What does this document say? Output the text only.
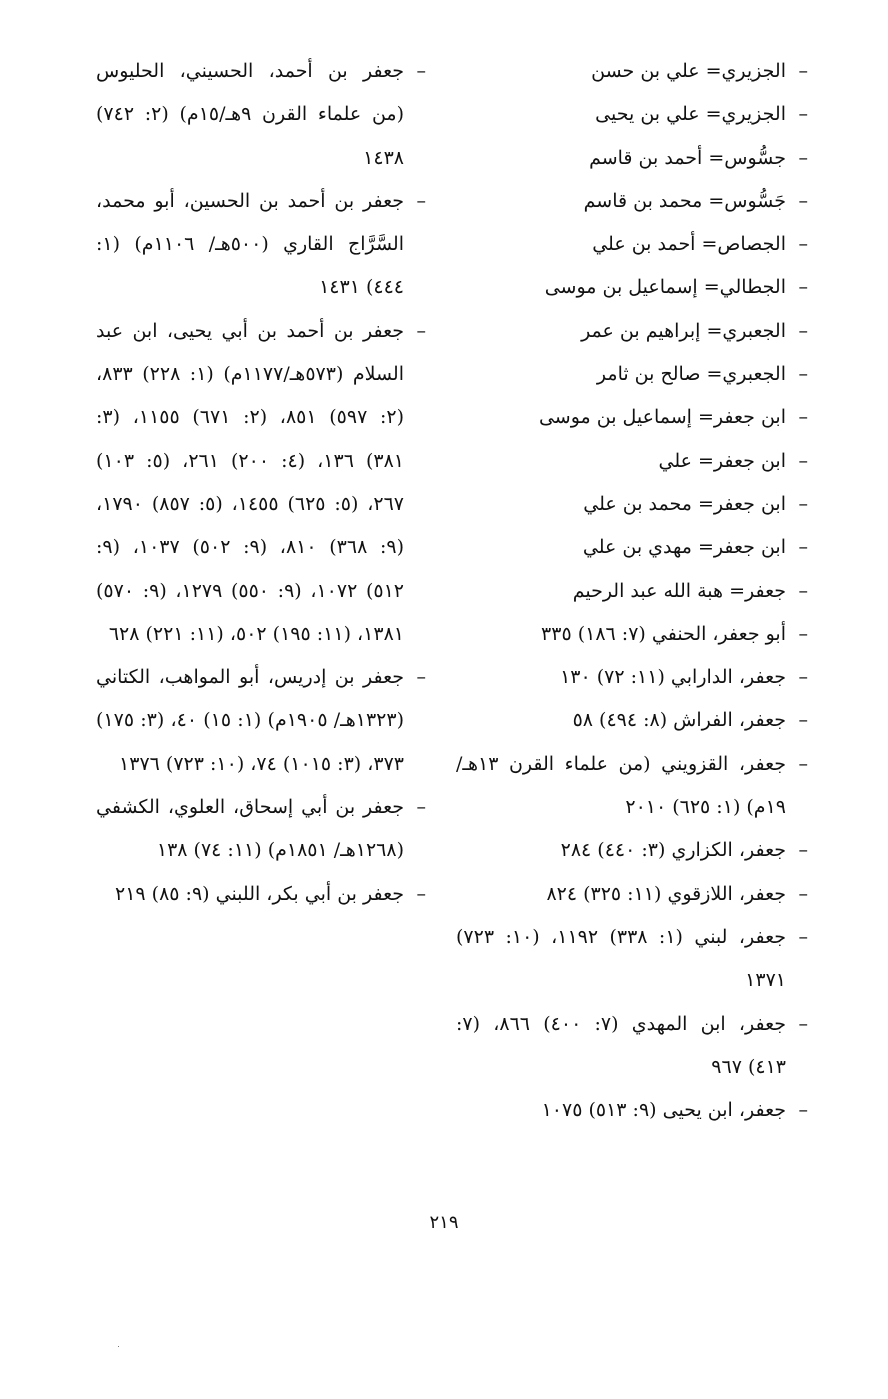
–
الجزيري= علي بن حسن

–
الجزيري= علي بن يحيى

–
جسُّوس= أحمد بن قاسم

–
جَسُّوس= محمد بن قاسم

–
الجصاص= أحمد بن علي

–
الجطالي= إسماعيل بن موسى

–
الجعبري= إبراهيم بن عمر

–
الجعبري= صالح بن ثامر

–
ابن جعفر= إسماعيل بن موسى

–
ابن جعفر= علي

–
ابن جعفر= محمد بن علي

–
ابن جعفر= مهدي بن علي

–
جعفر= هبة الله عبد الرحيم

–
أبو جعفر، الحنفي (٧: ١٨٦) ٣٣٥

–
جعفر، الدارابي (١١: ٧٢) ١٣٠

–
جعفر، الفراش (٨: ٤٩٤) ٥٨

–
جعفر، القزويني (من علماء القرن ١٣هـ/ ١٩م) (١: ٦٢٥) ٢٠١٠

–
جعفر، الكزاري (٣: ٤٤٠) ٢٨٤

–
جعفر، اللازقوي (١١: ٣٢٥) ٨٢٤

–
جعفر، لبني (١: ٣٣٨) ١١٩٢، (١٠: ٧٢٣) ١٣٧١

–
جعفر، ابن المهدي (٧: ٤٠٠) ٨٦٦، (٧: ٤١٣) ٩٦٧

–
جعفر، ابن يحيى (٩: ٥١٣) ١٠٧٥

–
جعفر بن أحمد، الحسيني، الحليوس (من علماء القرن ٩هـ/١٥م) (٢: ٧٤٢) ١٤٣٨

–
جعفر بن أحمد بن الحسين، أبو محمد، السَّرَّاج القاري (٥٠٠هـ/ ١١٠٦م) (١: ٤٤٤) ١٤٣١

–
جعفر بن أحمد بن أبي يحيى، ابن عبد السلام (٥٧٣هـ/١١٧٧م) (١: ٢٢٨) ٨٣٣، (٢: ٥٩٧) ٨٥١، (٢: ٦٧١) ١١٥٥، (٣: ٣٨١) ١٣٦، (٤: ٢٠٠) ٢٦١، (٥: ١٠٣) ٢٦٧، (٥: ٦٢٥) ١٤٥٥، (٥: ٨٥٧) ١٧٩٠، (٩: ٣٦٨) ٨١٠، (٩: ٥٠٢) ١٠٣٧، (٩: ٥١٢) ١٠٧٢، (٩: ٥٥٠) ١٢٧٩، (٩: ٥٧٠) ١٣٨١، (١١: ١٩٥) ٥٠٢، (١١: ٢٢١) ٦٢٨

–
جعفر بن إدريس، أبو المواهب، الكتاني (١٣٢٣هـ/ ١٩٠٥م) (١: ١٥) ٤٠، (٣: ١٧٥) ٣٧٣، (٣: ١٠١٥) ٧٤، (١٠: ٧٢٣) ١٣٧٦

–
جعفر بن أبي إسحاق، العلوي، الكشفي (١٢٦٨هـ/ ١٨٥١م) (١١: ٧٤) ١٣٨

–
جعفر بن أبي بكر، اللبني (٩: ٨٥) ٢١٩

٢١٩
